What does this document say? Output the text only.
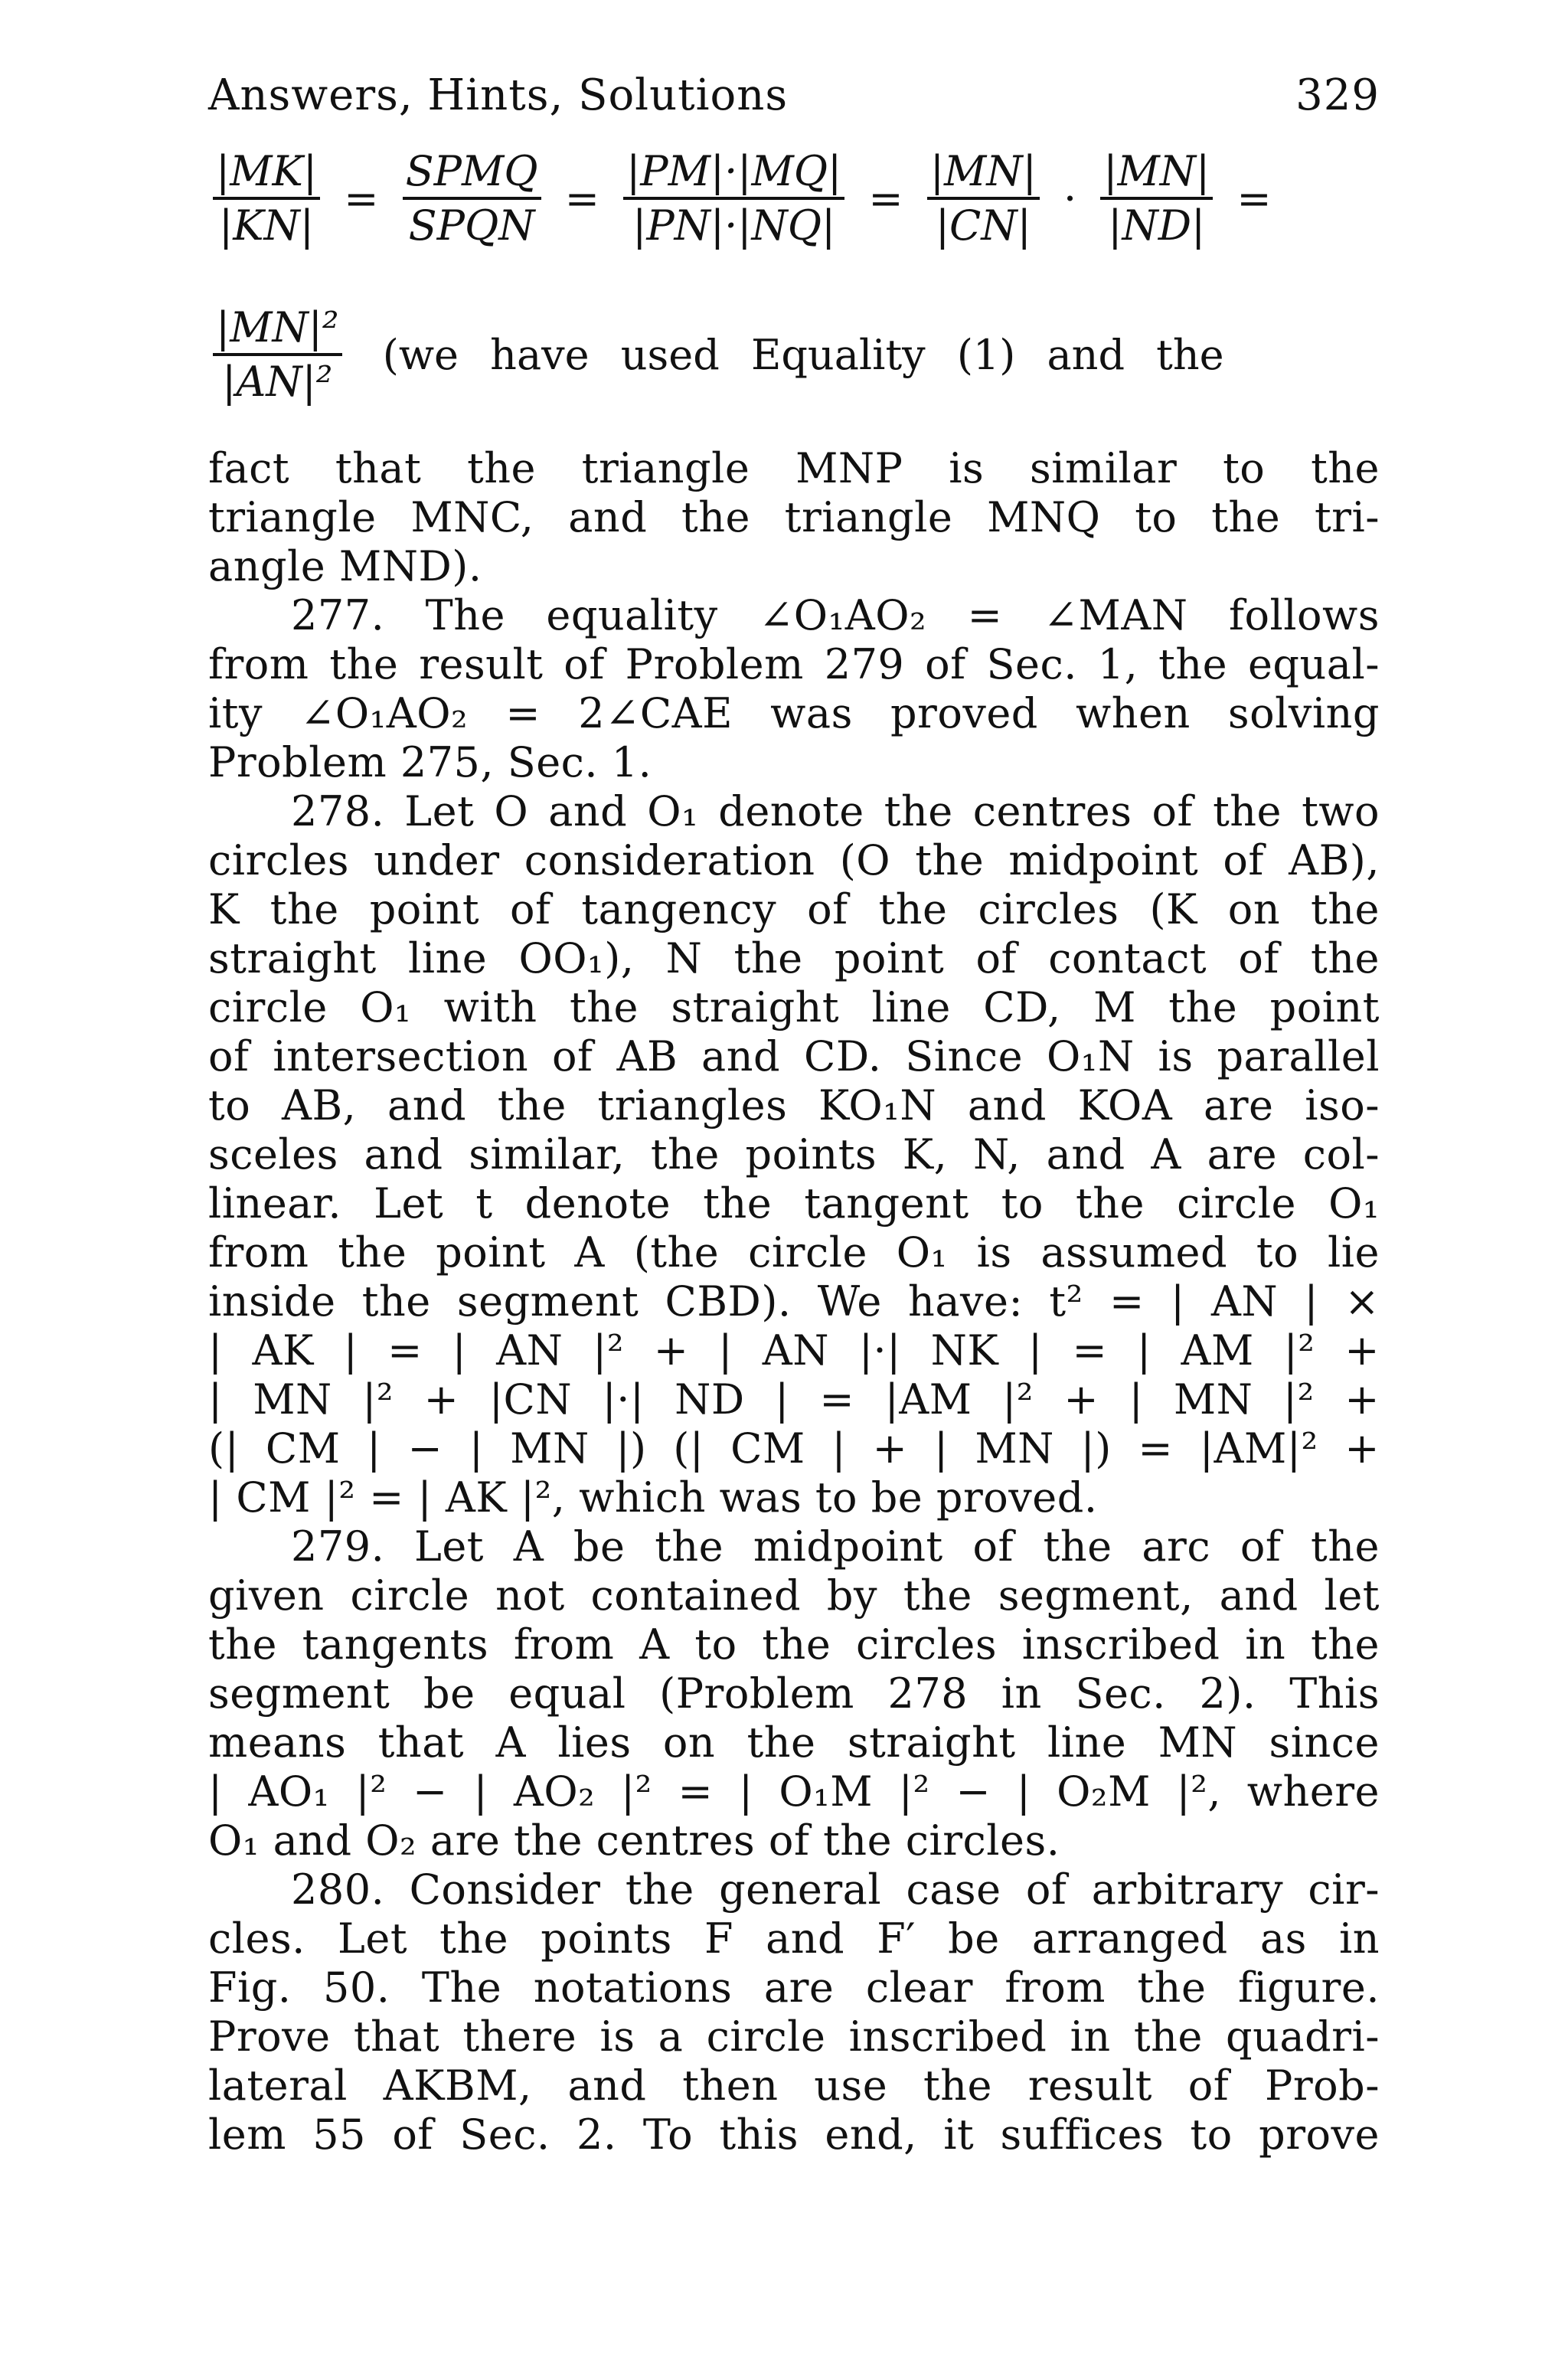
Answers, Hints, Solutions	329
$\frac{|MK|}{|KN|} = \frac{\text{SPMQ}}{\text{SPQN}} = \frac{|PM|\cdot|MQ|}{|PN|\cdot|NQ|} = \frac{|MN|}{|CN|} \cdot \frac{|MN|}{|ND|}$ =
$\frac{\text{|MN|²}}{\text{|AN|²}} (we$ have used Equality (1) and the
fact that the triangle MNP is similar to the
triangle MNC, and the triangle MNQ to the tri-
angle MND).
277. The equality ∠O₁AO₂ = ∠MAN follows
from the result of Problem 279 of Sec. 1, the equal-
ity ∠O₁AO₂ = 2∠CAE was proved when solving
Problem 275, Sec. 1.
278. Let O and O₁ denote the centres of the two
circles under consideration (O the midpoint of AB),
K the point of tangency of the circles (K on the
straight line OO₁), N the point of contact of the
circle O₁ with the straight line CD, M the point
of intersection of AB and CD. Since O₁N is parallel
to AB, and the triangles KO₁N and KOA are iso-
sceles and similar, the points K, N, and A are col-
linear. Let t denote the tangent to the circle O₁
from the point A (the circle O₁ is assumed to lie
inside the segment CBD). We have: t² = | AN | ×
| AK | = | AN |² + | AN |·| NK | = | AM |² +
| MN |² + |CN |·| ND | = |AM |² + | MN |² +
(| CM | − | MN |) (| CM | + | MN |) = |AM|² +
| CM |² = | AK |², which was to be proved.
279. Let A be the midpoint of the arc of the
given circle not contained by the segment, and let
the tangents from A to the circles inscribed in the
segment be equal (Problem 278 in Sec. 2). This
means that A lies on the straight line MN since
| AO₁ |² − | AO₂ |² = | O₁M |² − | O₂M |², where
O₁ and O₂ are the centres of the circles.
280. Consider the general case of arbitrary cir-
cles. Let the points F and F′ be arranged as in
Fig. 50. The notations are clear from the figure.
Prove that there is a circle inscribed in the quadri-
lateral AKBM, and then use the result of Prob-
lem 55 of Sec. 2. To this end, it suffices to prove
